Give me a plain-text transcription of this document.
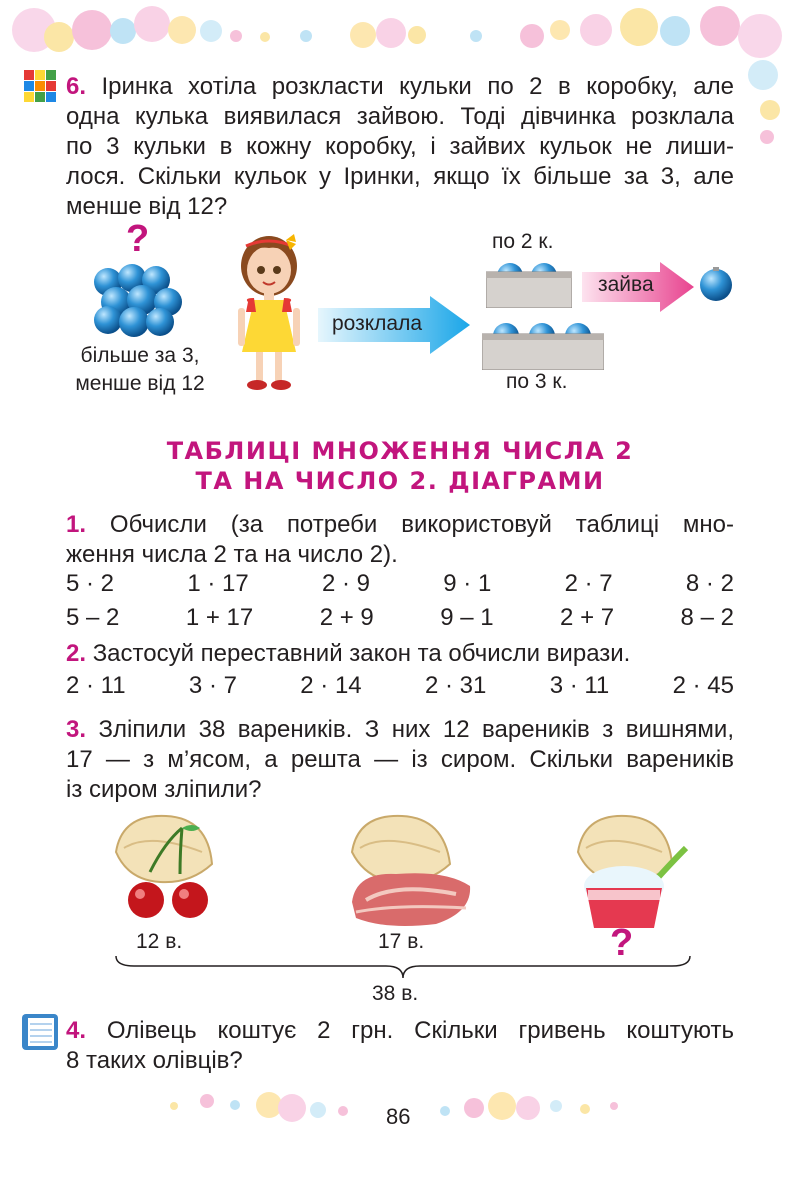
6. Іринка хотіла розкласти кульки по 2 в коробку, але
одна кулька виявилася зайвою. Тоді дівчинка розклала
по 3 кульки в кожну коробку, і зайвих кульок не лиши-
лося. Скільки кульок у Іринки, якщо їх більше за 3, але
менше від 12?
?
більше за 3,
менше від 12
розклала
по 2 к.
зайва
по 3 к.
ТАБЛИЦІ МНОЖЕННЯ ЧИСЛА 2
ТА НА ЧИСЛО 2. ДІАГРАМИ
1. Обчисли (за потреби використовуй таблиці мно-
ження числа 2 та на число 2).
5 · 2	1 · 17	2 · 9	9 · 1	2 · 7	8 · 2
5 – 2	1 + 17	2 + 9	9 – 1	2 + 7	8 – 2
2. Застосуй переставний закон та обчисли вирази.
2 · 11	3 · 7	2 · 14	2 · 31	3 · 11	2 · 45
3. Зліпили 38 вареників. З них 12 вареників з вишнями,
17 — з м’ясом, а решта — із сиром. Скільки вареників
із сиром зліпили?
12 в.	17 в.	?
38 в.
4. Олівець коштує 2 грн. Скільки гривень коштують
8 таких олівців?
86
